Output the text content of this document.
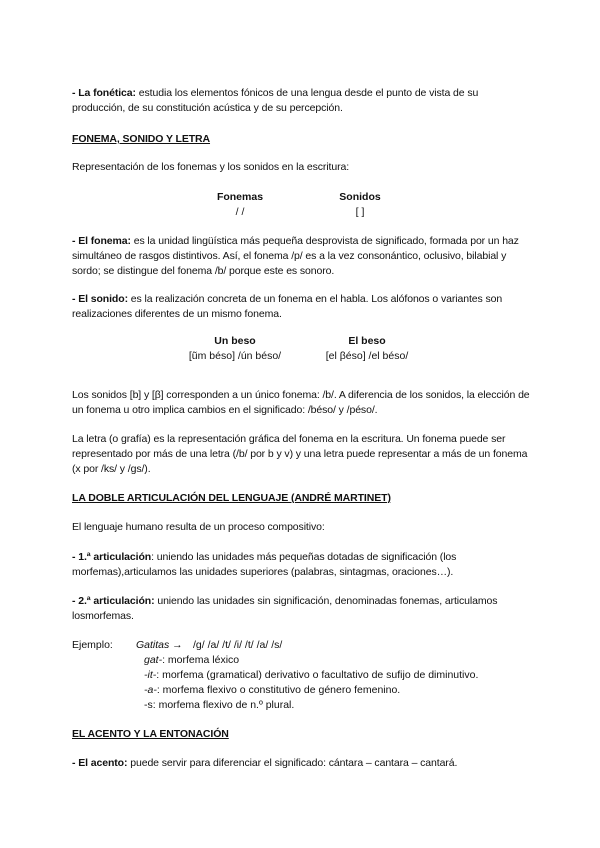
- La fonética: estudia los elementos fónicos de una lengua desde el punto de vista de su producción, de su constitución acústica y de su percepción.

FONEMA, SONIDO Y LETRA

Representación de los fonemas y los sonidos en la escritura:

Fonemas
/ /
Sonidos
[ ]

- El fonema: es la unidad lingüística más pequeña desprovista de significado, formada por un haz simultáneo de rasgos distintivos. Así, el fonema /p/ es a la vez consonántico, oclusivo, bilabial y sordo; se distingue del fonema /b/ porque este es sonoro.

- El sonido: es la realización concreta de un fonema en el habla. Los alófonos o variantes son realizaciones diferentes de un mismo fonema.

Un beso
[ũm béso] /ún béso/
El beso
[el βéso] /el béso/

Los sonidos [b] y [β] corresponden a un único fonema: /b/. A diferencia de los sonidos, la elección de un fonema u otro implica cambios en el significado: /béso/ y /péso/.

La letra (o grafía) es la representación gráfica del fonema en la escritura. Un fonema puede ser representado por más de una letra (/b/ por b y v) y una letra puede representar a más de un fonema (x por /ks/ y /gs/).

LA DOBLE ARTICULACIÓN DEL LENGUAJE (ANDRÉ MARTINET)

El lenguaje humano resulta de un proceso compositivo:

- 1.ª articulación: uniendo las unidades más pequeñas dotadas de significación (los morfemas),articulamos las unidades superiores (palabras, sintagmas, oraciones…).

- 2.ª articulación: uniendo las unidades sin significación, denominadas fonemas, articulamos losmorfemas.

Ejemplo: Gatitas → /g/ /a/ /t/ /i/ /t/ /a/ /s/
gat-: morfema léxico
-it-: morfema (gramatical) derivativo o facultativo de sufijo de diminutivo.
-a-: morfema flexivo o constitutivo de género femenino.
-s: morfema flexivo de n.º plural.

EL ACENTO Y LA ENTONACIÓN

- El acento: puede servir para diferenciar el significado: cántara – cantara – cantará.
